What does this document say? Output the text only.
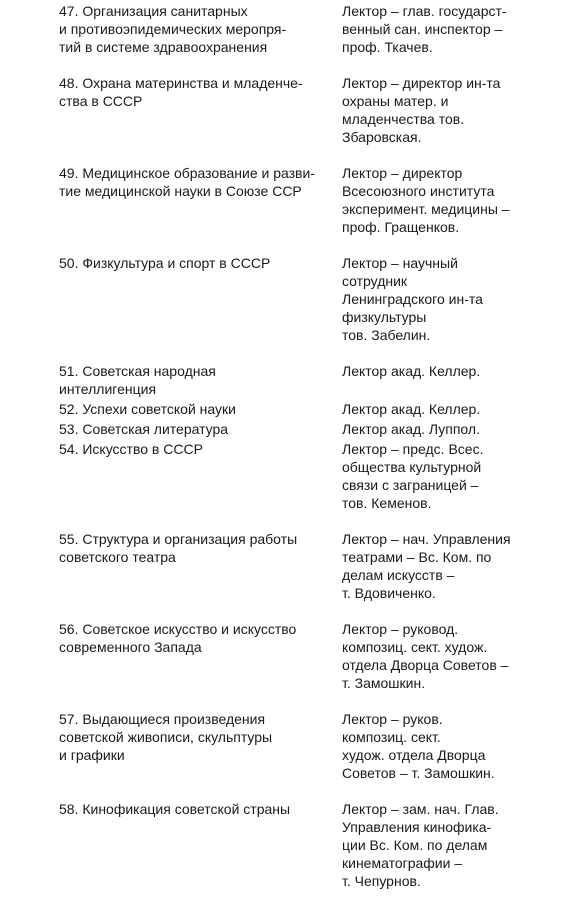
47. Организация санитарных
и противоэпидемических меропря-
тий в системе здравоохранения
Лектор – глав. государст-
венный сан. инспектор –
проф. Ткачев.
48. Охрана материнства и младенче-
ства в СССР
Лектор – директор ин-та
охраны матер. и
младенчества тов.
Збаровская.
49. Медицинское образование и разви-
тие медицинской науки в Союзе ССР
Лектор – директор
Всесоюзного института
эксперимент. медицины –
проф. Гращенков.
50. Физкультура и спорт в СССР	Лектор – научный
сотрудник
Ленинградского ин-та
физкультуры
тов. Забелин.
51. Советская народная
интеллигенция
Лектор акад. Келлер.
52. Успехи советской науки	Лектор акад. Келлер.
53. Советская литература	Лектор акад. Луппол.
54. Искусство в СССР	Лектор – предс. Всес.
общества культурной
связи с заграницей –
тов. Кеменов.
55. Структура и организация работы
советского театра
Лектор – нач. Управления
театрами – Вс. Ком. по
делам искусств –
т. Вдовиченко.
56. Советское искусство и искусство
современного Запада
Лектор – руковод.
композиц. сект. худож.
отдела Дворца Советов –
т. Замошкин.
57. Выдающиеся произведения
советской живописи, скульптуры
и графики
Лектор – руков.
композиц. сект.
худож. отдела Дворца
Советов – т. Замошкин.
58. Кинофикация советской страны	Лектор – зам. нач. Глав.
Управления кинофика-
ции Вс. Ком. по делам
кинематографии –
т. Чепурнов.
